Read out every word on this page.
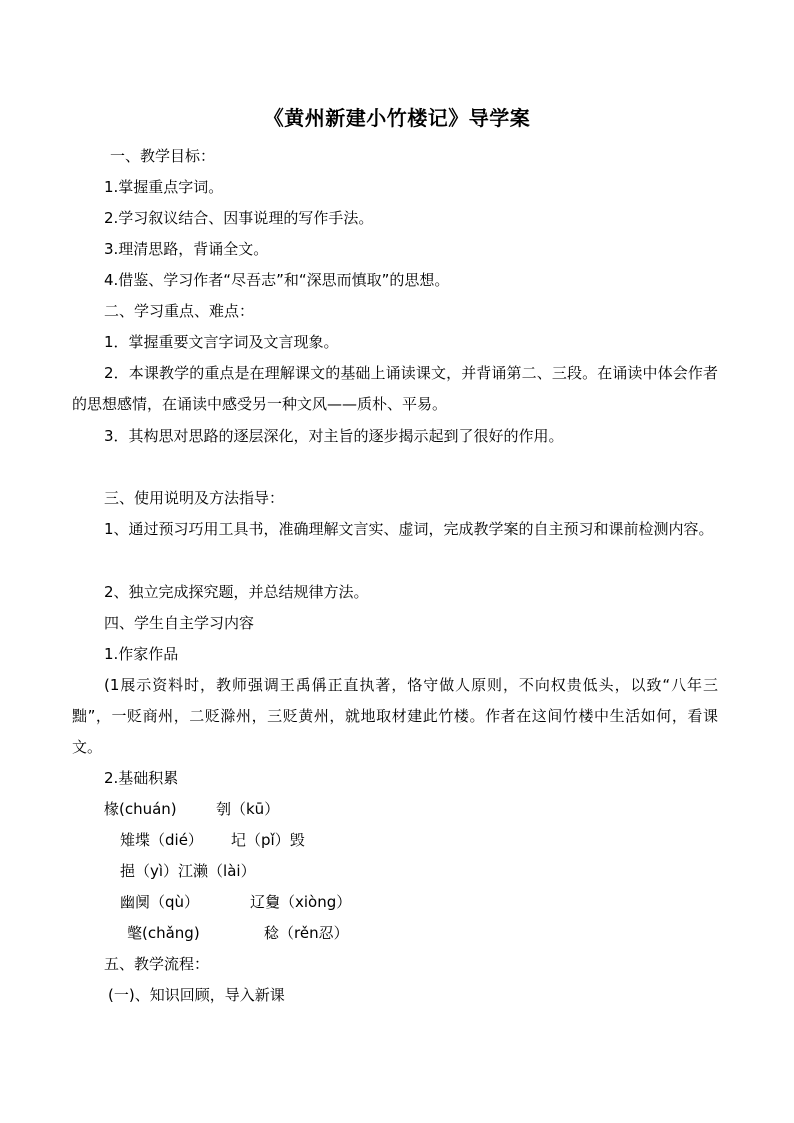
《黄州新建小竹楼记》导学案
一、教学目标：
1.掌握重点字词。
2.学习叙议结合、因事说理的写作手法。
3.理清思路，背诵全文。
4.借鉴、学习作者“尽吾志”和“深思而慎取”的思想。
二、学习重点、难点：
1．掌握重要文言字词及文言现象。
2．本课教学的重点是在理解课文的基础上诵读课文，并背诵第二、三段。在诵读中体会作者的思想感情，在诵读中感受另一种文风——质朴、平易。
3．其构思对思路的逐层深化，对主旨的逐步揭示起到了很好的作用。
三、使用说明及方法指导：
1、通过预习巧用工具书，准确理解文言实、虚词，完成教学案的自主预习和课前检测内容。
2、独立完成探究题，并总结规律方法。
四、学生自主学习内容
1.作家作品
(1展示资料时，教师强调王禹偁正直执著，恪守做人原则，不向权贵低头，以致“八年三黜”，一贬商州，二贬滁州，三贬黄州，就地取材建此竹楼。作者在这间竹楼中生活如何，看课文。
2.基础积累
椽(chuán)	刳（kū）
雉堞（dié） 圮（pǐ）毁
挹（yì）江濑（lài）
幽阒（qù）	辽敻（xiòng）
氅(chǎng)	稔（rěn忍）
五、教学流程：
(一)、知识回顾，导入新课
